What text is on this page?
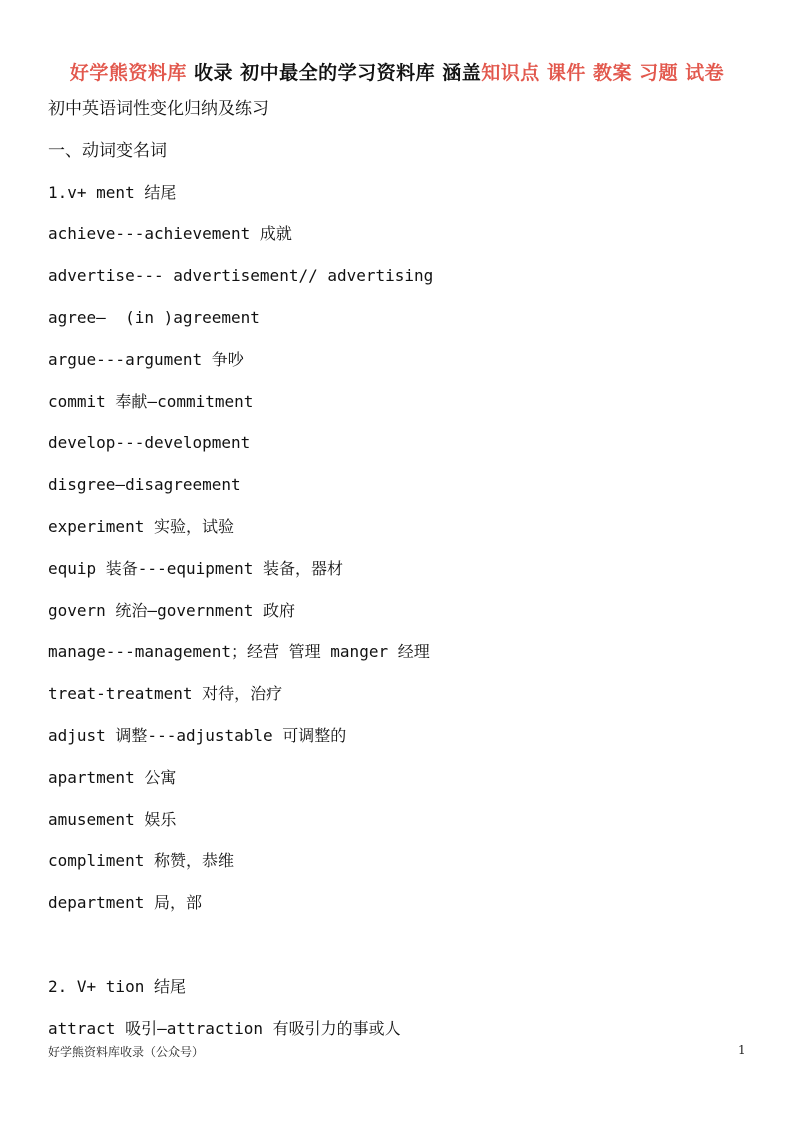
好学熊资料库 收录 初中最全的学习资料库 涵盖知识点 课件 教案 习题 试卷
初中英语词性变化归纳及练习
一、动词变名词
1.v+ ment 结尾
achieve---achievement 成就
advertise--- advertisement// advertising
agree—  (in )agreement
argue---argument 争吵
commit 奉献—commitment
develop---development
disgree—disagreement
experiment 实验，试验
equip 装备---equipment 装备，器材
govern 统治—government 政府
manage---management；经营 管理 manger 经理
treat-treatment 对待，治疗
adjust 调整---adjustable 可调整的
apartment 公寓
amusement 娱乐
compliment 称赞，恭维
department 局，部
2. V+ tion 结尾
attract 吸引—attraction 有吸引力的事或人
好学熊资料库收录（公众号）	1
